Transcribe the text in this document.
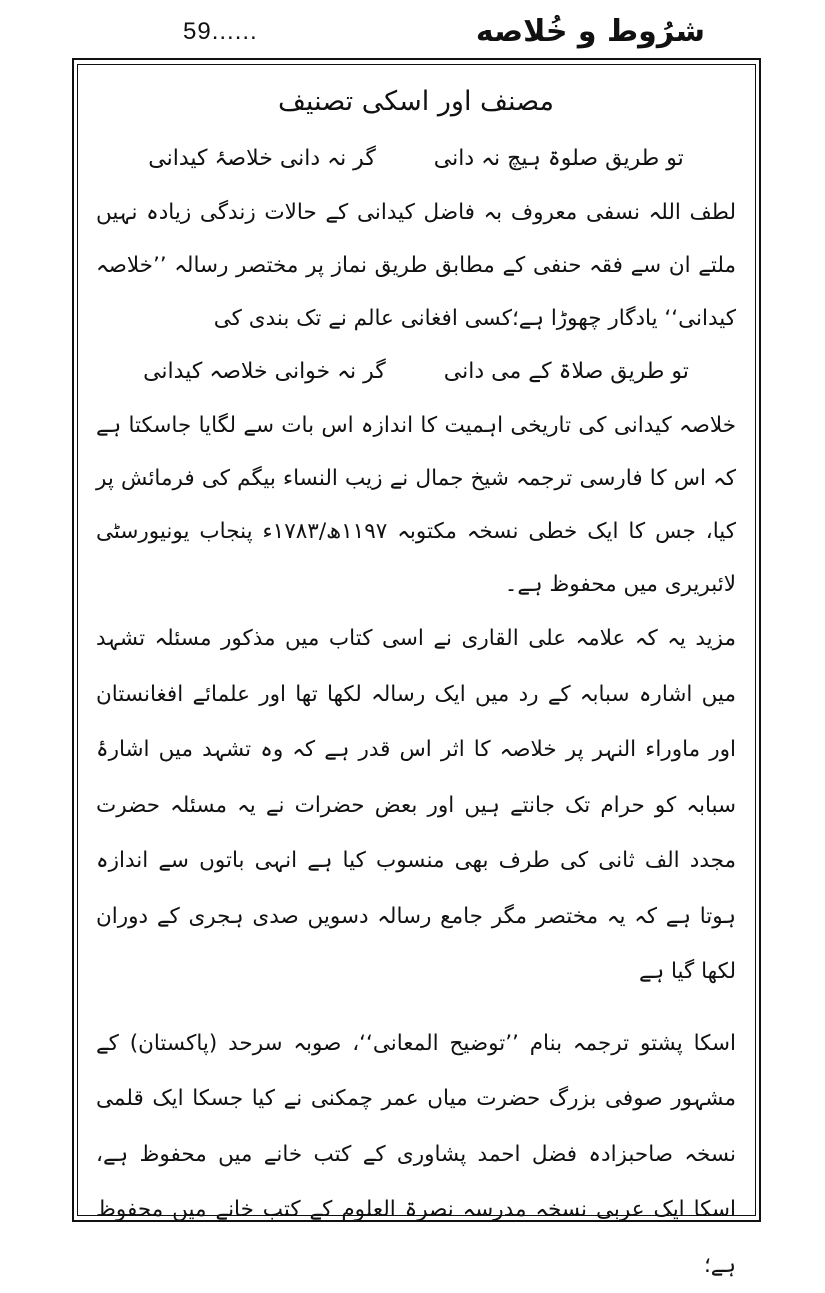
59......	شرُوط و خُلاصه
مصنف اور اسکی تصنیف
تو طریق صلوۃ ہیچ نہ دانی
گر نہ دانی خلاصۂ کیدانی

لطف اللہ نسفی معروف بہ فاضل کیدانی کے حالات زندگی زیادہ نہیں ملتے ان سے فقہ حنفی کے مطابق طریق نماز پر مختصر رسالہ ’’خلاصہ کیدانی‘‘ یادگار چھوڑا ہے؛کسی افغانی عالم نے تک بندی کی

تو طریق صلاۃ کے می دانی
گر نہ خوانی خلاصہ کیدانی

خلاصہ کیدانی کی تاریخی اہمیت کا اندازہ اس بات سے لگایا جاسکتا ہے کہ اس کا فارسی ترجمہ شیخ جمال نے زیب النساء بیگم کی فرمائش پر کیا، جس کا ایک خطی نسخہ مکتوبہ ۱۱۹۷ھ/۱۷۸۳ء پنجاب یونیورسٹی لائبریری میں محفوظ ہے۔

مزید یہ کہ علامہ علی القاری نے اسی کتاب میں مذکور مسئلہ تشہد میں اشارہ سبابہ کے رد میں ایک رسالہ لکھا تھا اور علمائے افغانستان اور ماوراء النہر پر خلاصہ کا اثر اس قدر ہے کہ وہ تشہد میں اشارۂ سبابہ کو حرام تک جانتے ہیں اور بعض حضرات نے یہ مسئلہ حضرت مجدد الف ثانی کی طرف بھی منسوب کیا ہے انہی باتوں سے اندازہ ہوتا ہے کہ یہ مختصر مگر جامع رسالہ دسویں صدی ہجری کے دوران لکھا گیا ہے

اسکا پشتو ترجمہ بنام ’’توضیح المعانی‘‘، صوبہ سرحد (پاکستان) کے مشہور صوفی بزرگ حضرت میاں عمر چمکنی نے کیا جسکا ایک قلمی نسخہ صاحبزادہ فضل احمد پشاوری کے کتب خانے میں محفوظ ہے، اسکا ایک عربی نسخہ مدرسہ نصرۃ العلوم کے کتب خانے میں محفوظ ہے؛
